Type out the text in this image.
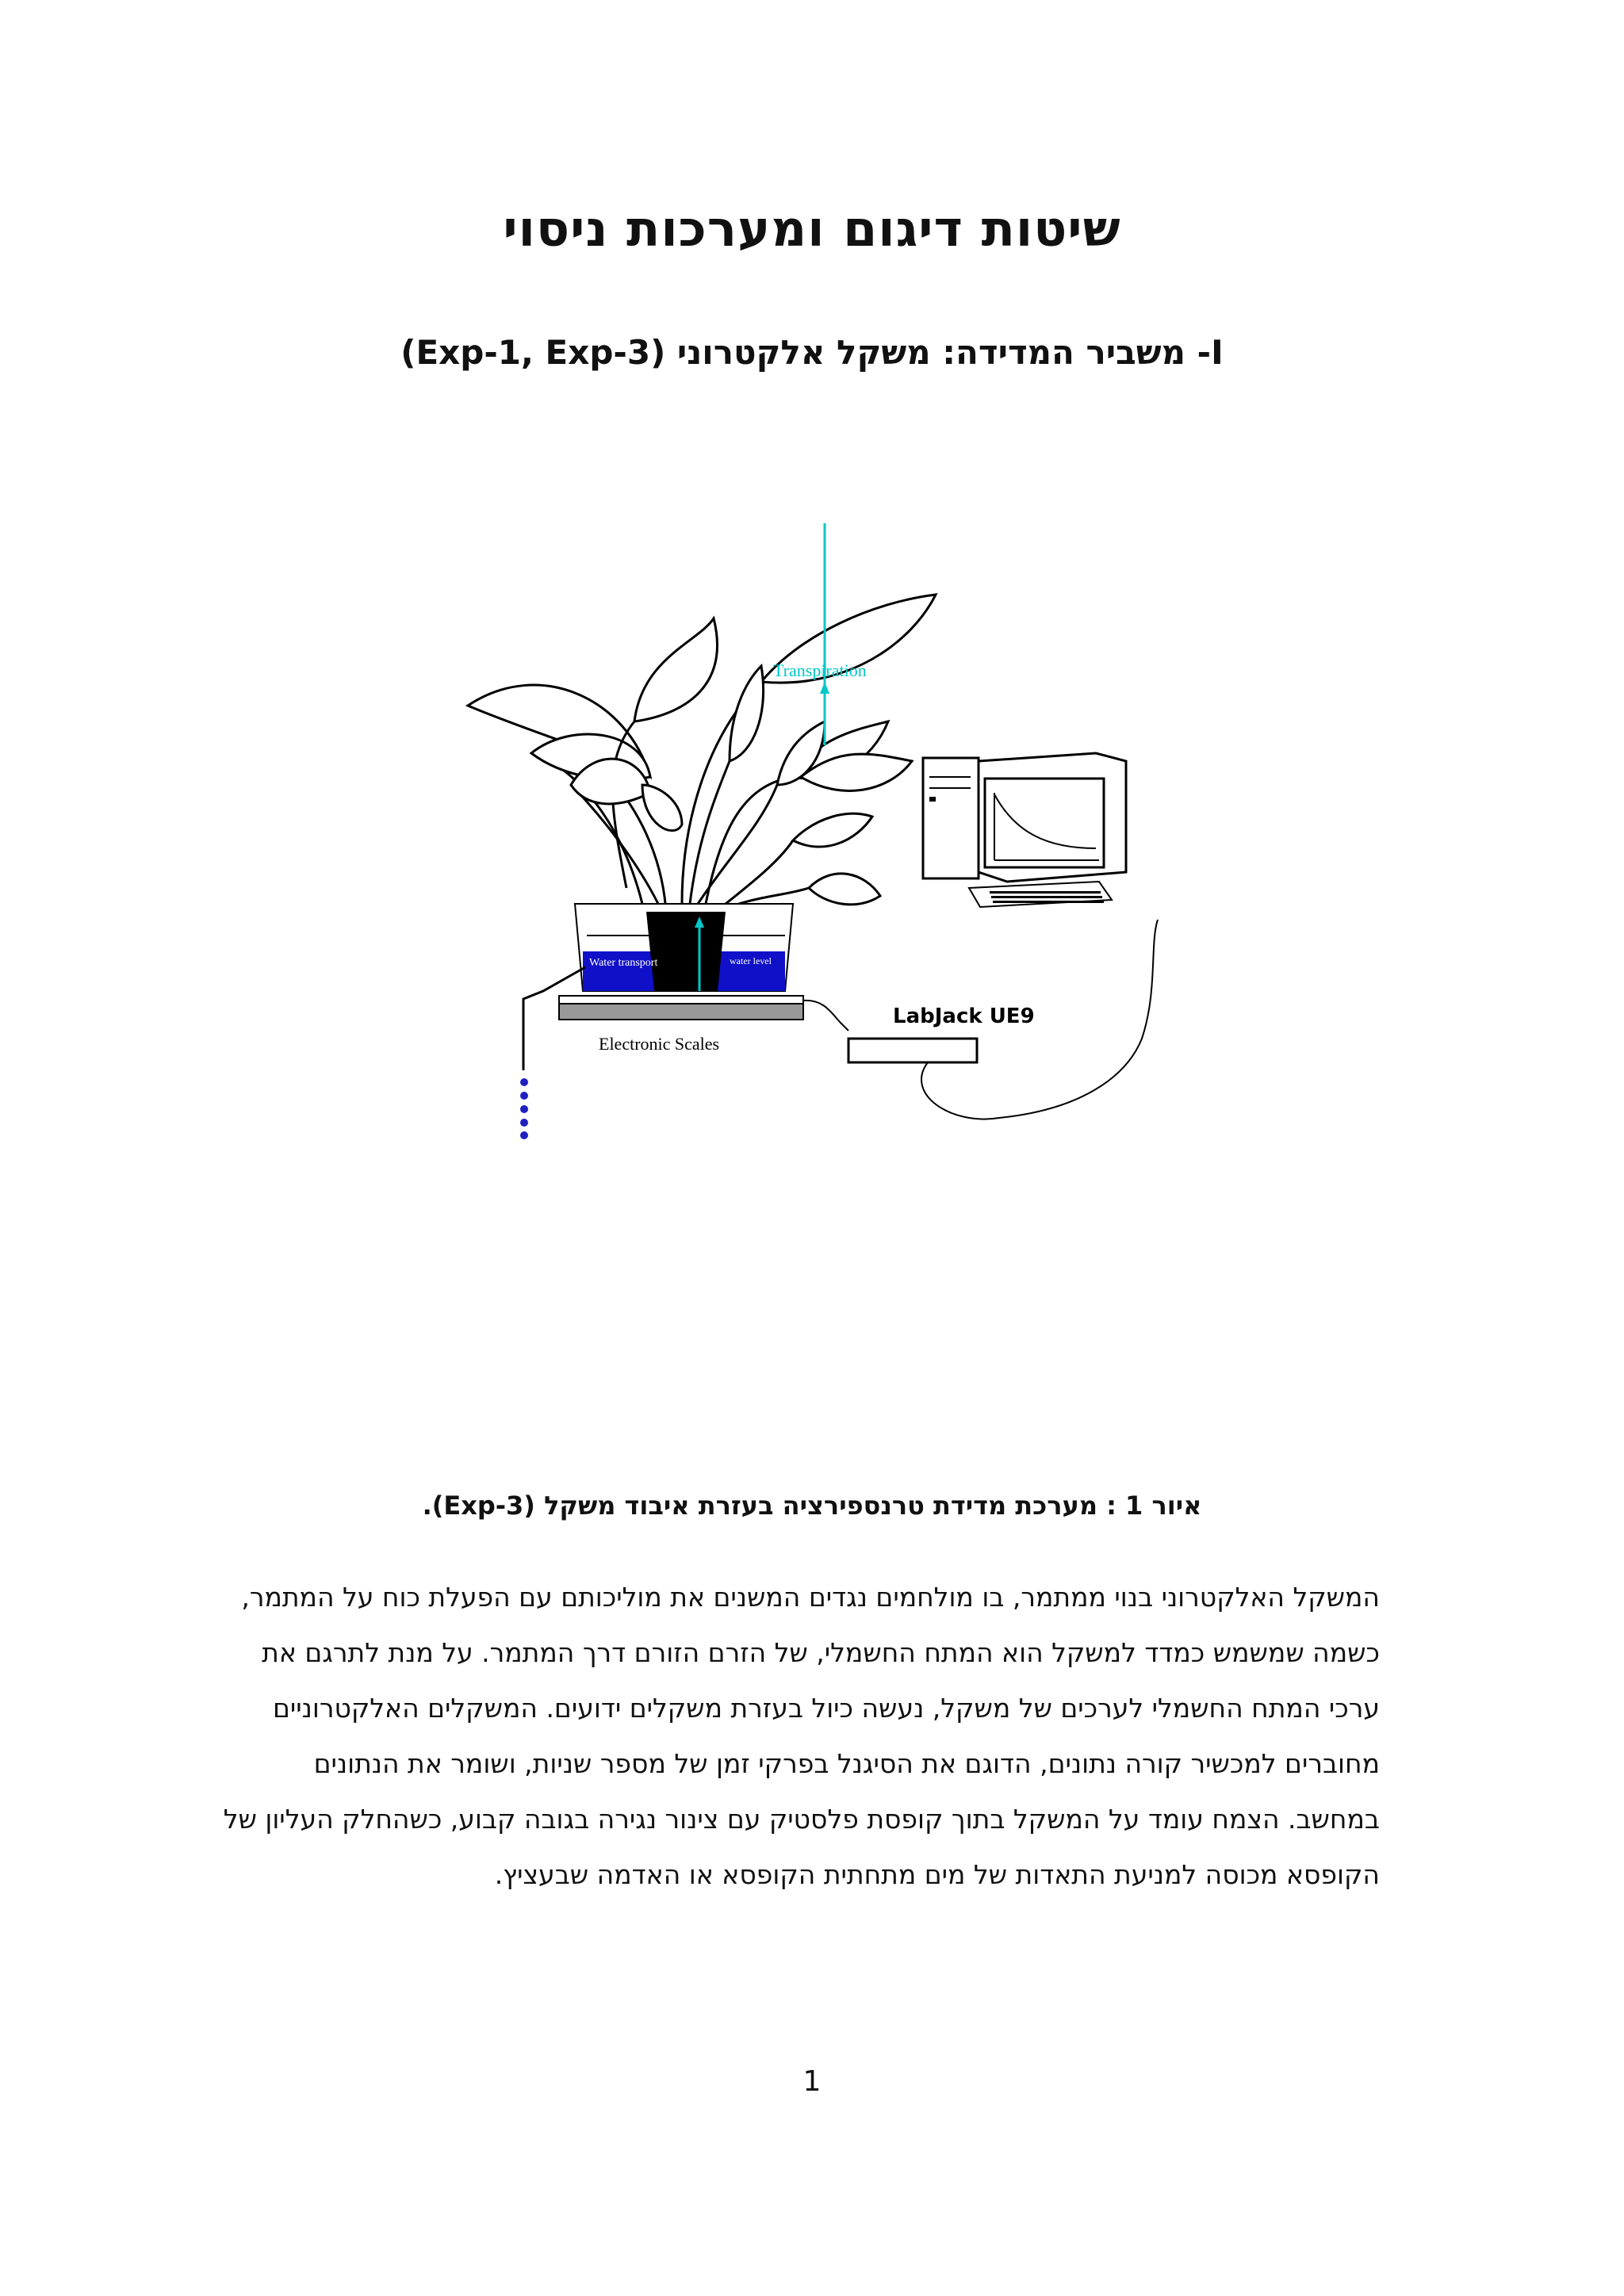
שיטות דיגום ומערכות ניסוי
I- משביר המדידה: משקל אלקטרוני (Exp-1, Exp-3)
Transpiration
Water transport	water level
Electronic Scales
LabJack UE9

איור 1 : מערכת מדידת טרנספירציה בעזרת איבוד משקל (Exp-3).

המשקל האלקטרוני בנוי ממתמר, בו מולחמים נגדים המשנים את מוליכותם עם הפעלת כוח על המתמר,
כשמה שמשמש כמדד למשקל הוא המתח החשמלי, של הזרם הזורם דרך המתמר. על מנת לתרגם את
ערכי המתח החשמלי לערכים של משקל, נעשה כיול בעזרת משקלים ידועים. המשקלים האלקטרוניים
מחוברים למכשיר קורה נתונים, הדוגם את הסיגנל בפרקי זמן של מספר שניות, ושומר את הנתונים
במחשב. הצמח עומד על המשקל בתוך קופסת פלסטיק עם צינור נגירה בגובה קבוע, כשהחלק העליון של
הקופסא מכוסה למניעת התאדות של מים מתחתית הקופסא או האדמה שבעציץ.

1
